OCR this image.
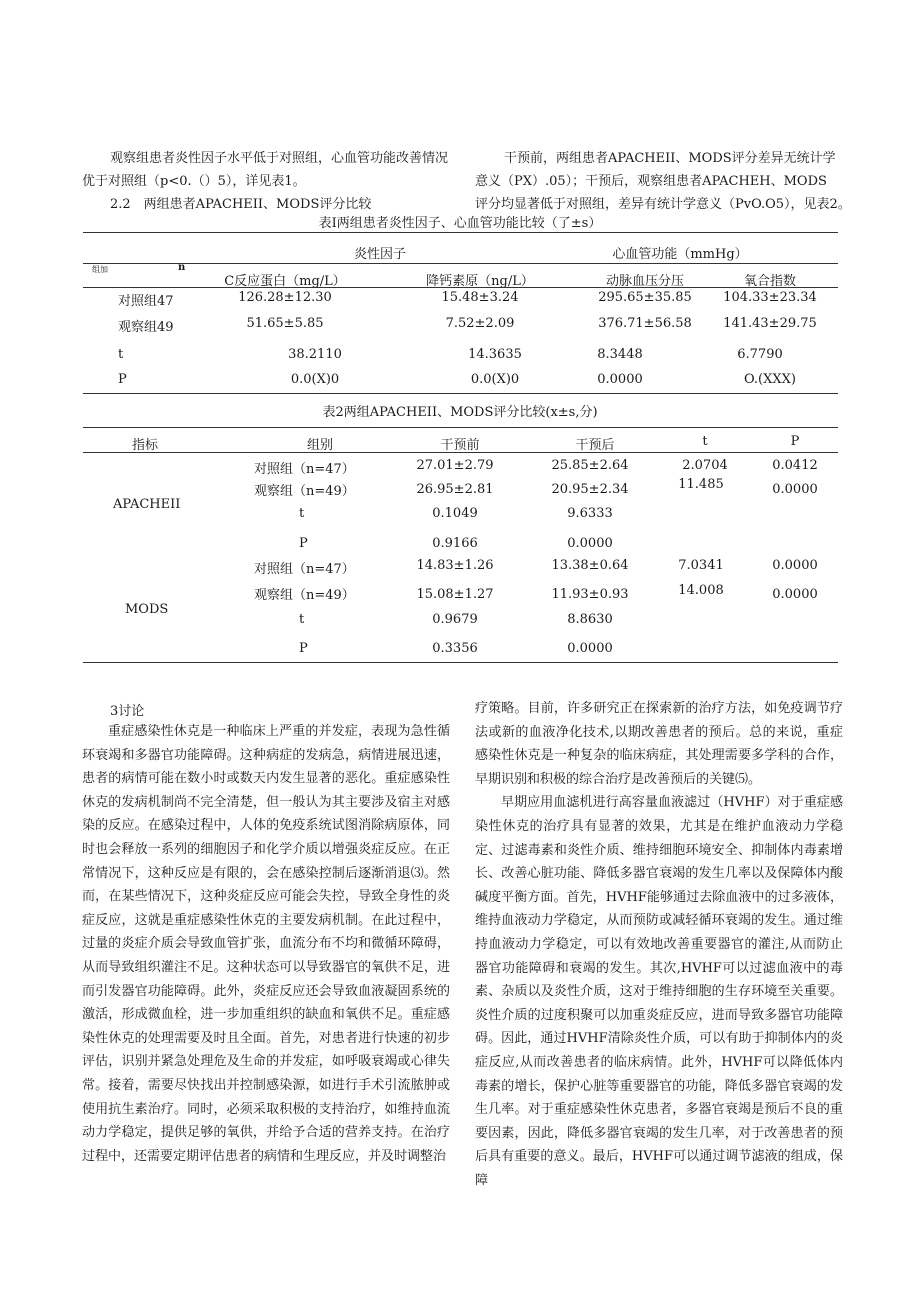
观察组患者炎性因子水平低于对照组，心血管功能改善情况
优于对照组（p<0.（）5），详见表1。
2.2　两组患者APACHEII、MODS评分比较
干预前，两组患者APACHEII、MODS评分差异无统计学
意义（PX）.05）；干预后，观察组患者APACHEH、MODS
评分均显著低于对照组，差异有统计学意义（PvO.O5），见表2。
表I两组患者炎性因子、心血管功能比较（了±s）
炎性因子	心血管功能（mmHg）
组加	n
C反应蛋白（mg/L）	降钙素原（ng/L）	动脉血压分压	氧合指数
对照组47	126.28±12.30	15.48±3.24	295.65±35.85	104.33±23.34
观察组49	51.65±5.85	7.52±2.09	376.71±56.58	141.43±29.75
t	38.2110	14.3635	8.3448	6.7790
P	0.0(X)0	0.0(X)0	0.0000	O.(XXX)
表2两组APACHEII、MODS评分比较(x±s,分)
指标	组别	干预前	干预后	t	P
APACHEII
对照组（n=47）	27.01±2.79	25.85±2.64	2.0704	0.0412
观察组（n=49）	26.95±2.81	20.95±2.34	11.485	0.0000
t	0.1049	9.6333
P	0.9166	0.0000
MODS
对照组（n=47）	14.83±1.26	13.38±0.64	7.0341	0.0000
观察组（n=49）	15.08±1.27	11.93±0.93	14.008	0.0000
t	0.9679	8.8630
P	0.3356	0.0000
3讨论

重症感染性休克是一种临床上严重的并发症，表现为急性循环衰竭和多器官功能障碍。这种病症的发病急，病情进展迅速，患者的病情可能在数小时或数天内发生显著的恶化。重症感染性休克的发病机制尚不完全清楚，但一般认为其主要涉及宿主对感染的反应。在感染过程中，人体的免疫系统试图消除病原体，同时也会释放一系列的细胞因子和化学介质以增强炎症反应。在正常情况下，这种反应是有限的，会在感染控制后逐渐消退⑶。然而，在某些情况下，这种炎症反应可能会失控，导致全身性的炎症反应，这就是重症感染性休克的主要发病机制。在此过程中，过量的炎症介质会导致血管扩张，血流分布不均和微循环障碍，从而导致组织灌注不足。这种状态可以导致器官的氧供不足，进而引发器官功能障碍。此外，炎症反应还会导致血液凝固系统的激活，形成微血栓，进一步加重组织的缺血和氧供不足。重症感染性休克的处理需要及时且全面。首先，对患者进行快速的初步评估，识别并紧急处理危及生命的并发症，如呼吸衰竭或心律失常。接着，需要尽快找出并控制感染源，如进行手术引流脓肿或使用抗生素治疗。同时，必须采取积极的支持治疗，如维持血流动力学稳定，提供足够的氧供，并给予合适的营养支持。在治疗过程中，还需要定期评估患者的病情和生理反应，并及时调整治

疗策略。目前，许多研究正在探索新的治疗方法，如免疫调节疗法或新的血液净化技术,以期改善患者的预后。总的来说，重症感染性休克是一种复杂的临床病症，其处理需要多学科的合作，早期识别和积极的综合治疗是改善预后的关键⑸。

早期应用血滤机进行高容量血液滤过（HVHF）对于重症感染性休克的治疗具有显著的效果，尤其是在维护血液动力学稳定、过滤毒素和炎性介质、维持细胞环境安全、抑制体内毒素增长、改善心脏功能、降低多器官衰竭的发生几率以及保障体内酸碱度平衡方面。首先，HVHF能够通过去除血液中的过多液体，维持血液动力学稳定，从而预防或减轻循环衰竭的发生。通过维持血液动力学稳定，可以有效地改善重要器官的灌注,从而防止器官功能障碍和衰竭的发生。其次,HVHF可以过滤血液中的毒素、杂质以及炎性介质，这对于维持细胞的生存环境至关重要。炎性介质的过度积聚可以加重炎症反应，进而导致多器官功能障碍。因此，通过HVHF清除炎性介质，可以有助于抑制体内的炎症反应,从而改善患者的临床病情。此外，HVHF可以降低体内毒素的增长，保护心脏等重要器官的功能，降低多器官衰竭的发生几率。对于重症感染性休克患者，多器官衰竭是预后不良的重要因素，因此，降低多器官衰竭的发生几率，对于改善患者的预后具有重要的意义。最后，HVHF可以通过调节滤液的组成，保障
